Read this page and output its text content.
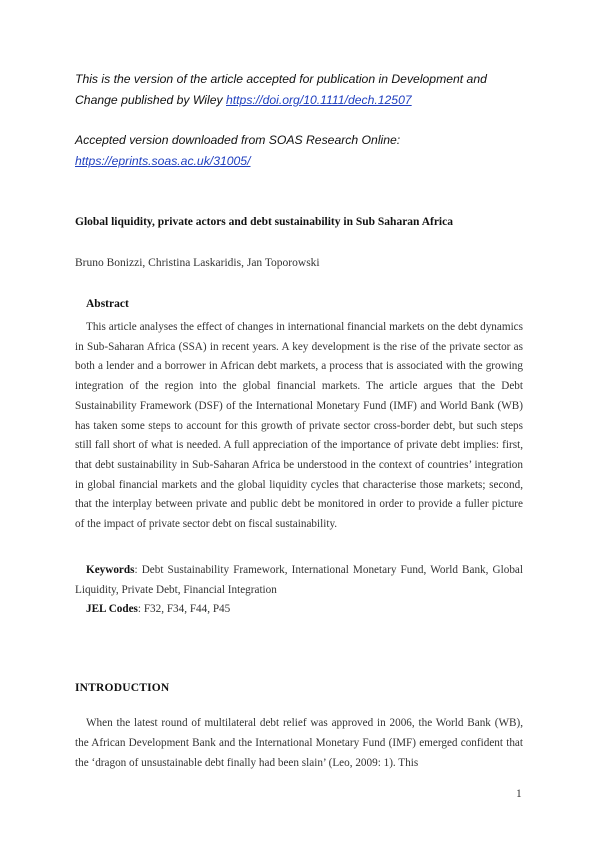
This is the version of the article accepted for publication in Development and
Change published by Wiley https://doi.org/10.1111/dech.12507
Accepted version downloaded from SOAS Research Online:
https://eprints.soas.ac.uk/31005/
Global liquidity, private actors and debt sustainability in Sub Saharan Africa
Bruno Bonizzi, Christina Laskaridis, Jan Toporowski
Abstract
This article analyses the effect of changes in international financial markets on the debt dynamics in Sub-Saharan Africa (SSA) in recent years. A key development is the rise of the private sector as both a lender and a borrower in African debt markets, a process that is associated with the growing integration of the region into the global financial markets. The article argues that the Debt Sustainability Framework (DSF) of the International Monetary Fund (IMF) and World Bank (WB) has taken some steps to account for this growth of private sector cross-border debt, but such steps still fall short of what is needed. A full appreciation of the importance of private debt implies: first, that debt sustainability in Sub-Saharan Africa be understood in the context of countries’ integration in global financial markets and the global liquidity cycles that characterise those markets; second, that the interplay between private and public debt be monitored in order to provide a fuller picture of the impact of private sector debt on fiscal sustainability.

Keywords: Debt Sustainability Framework, International Monetary Fund, World Bank, Global Liquidity, Private Debt, Financial Integration

JEL Codes: F32, F34, F44, P45

INTRODUCTION
When the latest round of multilateral debt relief was approved in 2006, the World Bank (WB), the African Development Bank and the International Monetary Fund (IMF) emerged confident that the ‘dragon of unsustainable debt finally had been slain’ (Leo, 2009: 1). This
1
